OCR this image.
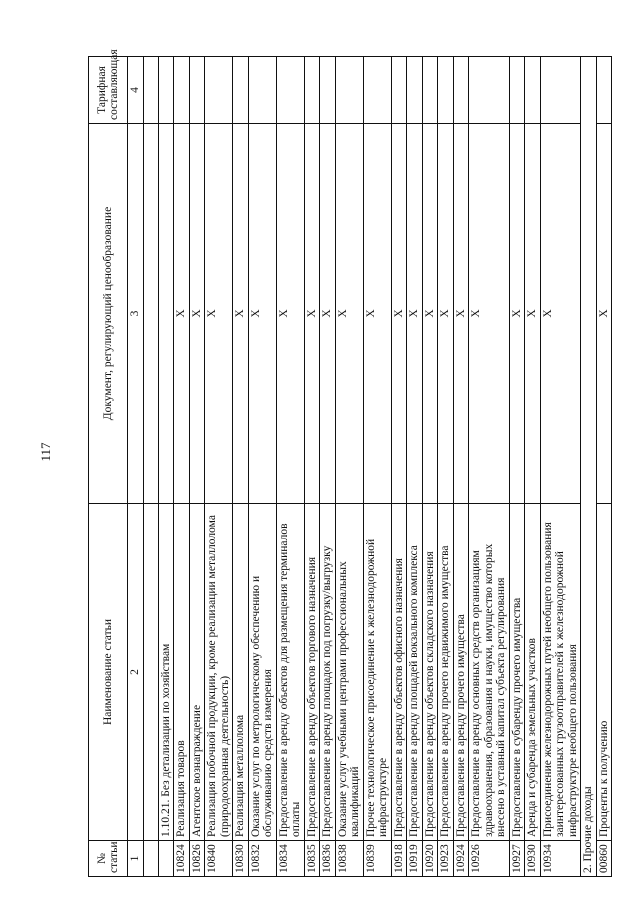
117
№ статьи	Наименование статьи	Документ, регулирующий ценообразование	Тарифная составляющая
1	2	3	4

	1.10.21. Без детализации по хозяйствам		
10824	Реализация товаров	X	
10826	Агентское вознаграждение	X	
10840	Реализация побочной продукции, кроме реализации металлолома (природоохранная деятельность)	X	
10830	Реализация металлолома	X	
10832	Оказание услуг по метрологическому обеспечению и обслуживанию средств измерения	X	
10834	Предоставление в аренду объектов для размещения терминалов оплаты	X	
10835	Предоставление в аренду объектов торгового назначения	X	
10836	Предоставление в аренду площадок под погрузку/выгрузку	X	
10838	Оказание услуг учебными центрами профессиональных квалификаций	X	
10839	Прочее технологическое присоединение к железнодорожной инфраструктуре	X	
10918	Предоставление в аренду объектов офисного назначения	X	
10919	Предоставление в аренду площадей вокзального комплекса	X	
10920	Предоставление в аренду объектов складского назначения	X	
10923	Предоставление в аренду прочего недвижимого имущества	X	
10924	Предоставление в аренду прочего имущества	X	
10926	Предоставление в аренду основных средств организациям здравоохранения, образования и науки, имущество которых внесено в уставный капитал субъекта регулирования	X	
10927	Предоставление в субаренду прочего имущества	X	
10930	Аренда и субаренда земельных участков	X	
10934	Присоединение железнодорожных путей необщего пользования заинтересованных грузоотправителей к железнодорожной инфраструктуре необщего пользования	X	
2. Прочие доходы			
00860	Проценты к получению	X	
